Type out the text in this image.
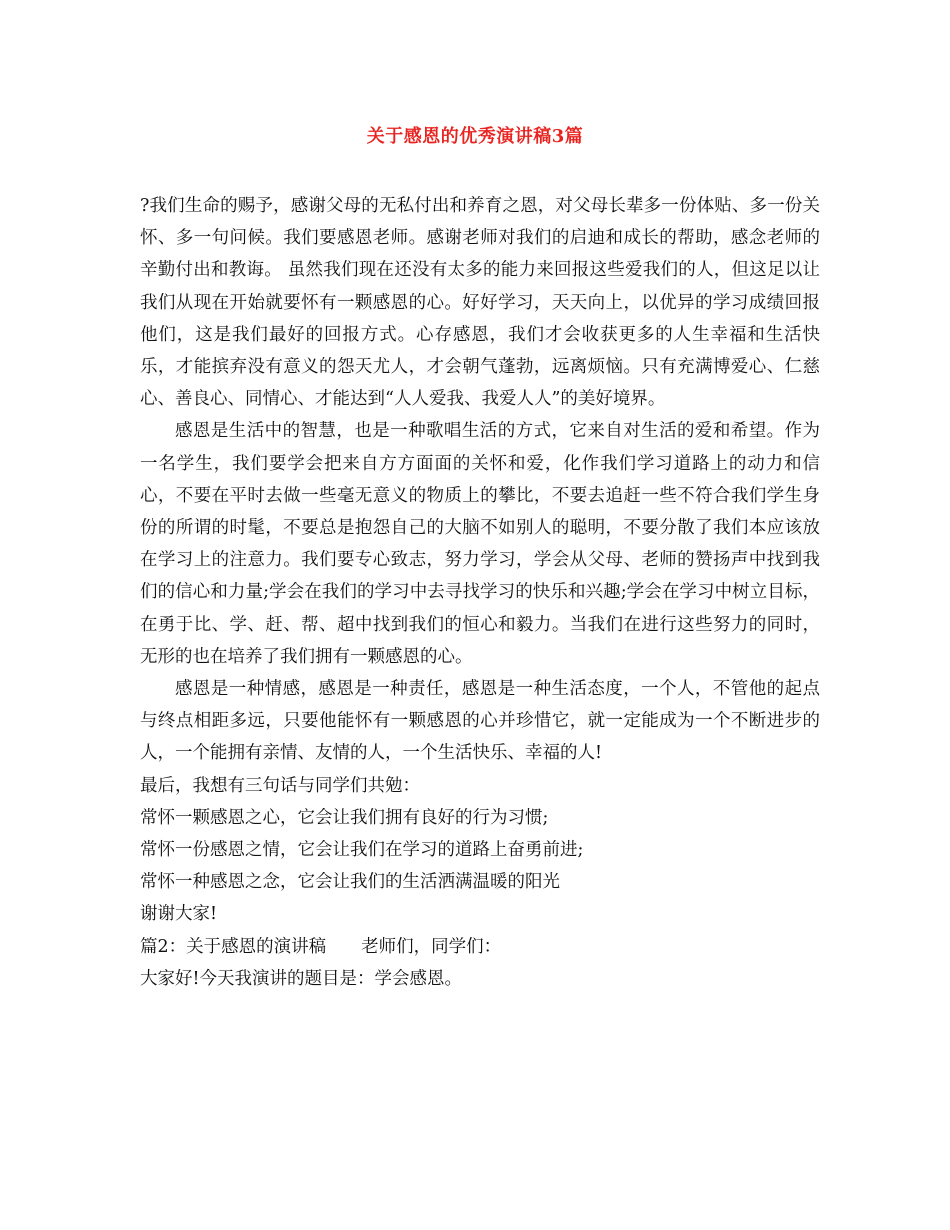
关于感恩的优秀演讲稿3篇

?我们生命的赐予，感谢父母的无私付出和养育之恩，对父母长辈多一份体贴、多一份关怀、多一句问候。我们要感恩老师。感谢老师对我们的启迪和成长的帮助，感念老师的辛勤付出和教诲。 虽然我们现在还没有太多的能力来回报这些爱我们的人，但这足以让我们从现在开始就要怀有一颗感恩的心。好好学习，天天向上，以优异的学习成绩回报他们，这是我们最好的回报方式。心存感恩，我们才会收获更多的人生幸福和生活快乐，才能摈弃没有意义的怨天尤人，才会朝气蓬勃，远离烦恼。只有充满博爱心、仁慈心、善良心、同情心、才能达到“人人爱我、我爱人人”的美好境界。

感恩是生活中的智慧，也是一种歌唱生活的方式，它来自对生活的爱和希望。作为一名学生，我们要学会把来自方方面面的关怀和爱，化作我们学习道路上的动力和信心，不要在平时去做一些毫无意义的物质上的攀比，不要去追赶一些不符合我们学生身份的所谓的时髦，不要总是抱怨自己的大脑不如别人的聪明，不要分散了我们本应该放在学习上的注意力。我们要专心致志，努力学习，学会从父母、老师的赞扬声中找到我们的信心和力量;学会在我们的学习中去寻找学习的快乐和兴趣;学会在学习中树立目标，在勇于比、学、赶、帮、超中找到我们的恒心和毅力。当我们在进行这些努力的同时，无形的也在培养了我们拥有一颗感恩的心。

感恩是一种情感，感恩是一种责任，感恩是一种生活态度，一个人，不管他的起点与终点相距多远，只要他能怀有一颗感恩的心并珍惜它，就一定能成为一个不断进步的人，一个能拥有亲情、友情的人，一个生活快乐、幸福的人!

最后，我想有三句话与同学们共勉：

常怀一颗感恩之心，它会让我们拥有良好的行为习惯;

常怀一份感恩之情，它会让我们在学习的道路上奋勇前进;

常怀一种感恩之念，它会让我们的生活洒满温暖的阳光

谢谢大家!

篇2：关于感恩的演讲稿　　老师们，同学们：

大家好!今天我演讲的题目是：学会感恩。
